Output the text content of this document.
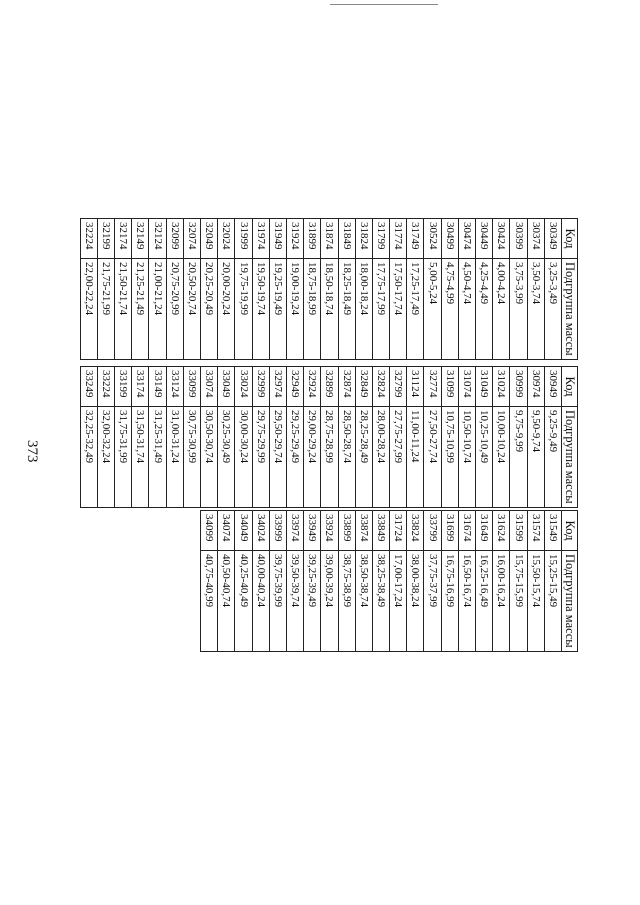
373
Код	Подгруппа массы
30349	3,25-3,49
30374	3,50-3,74
30399	3,75-3,99
30424	4,00-4,24
30449	4,25-4,49
30474	4,50-4,74
30499	4,75-4,99
30524	5,00-5,24
31749	17,25-17,49
31774	17,50-17,74
31799	17,75-17,99
31824	18,00-18,24
31849	18,25-18,49
31874	18,50-18,74
31899	18,75-18,99
31924	19,00-19,24
31949	19,25-19,49
31974	19,50-19,74
31999	19,75-19,99
32024	20,00-20,24
32049	20,25-20,49
32074	20,50-20,74
32099	20,75-20,99
32124	21,00-21,24
32149	21,25-21,49
32174	21,50-21,74
32199	21,75-21,99
32224	22,00-22,24
Код	Подгруппа массы
30949	9,25-9,49
30974	9,50-9,74
30999	9,75-9,99
31024	10,00-10,24
31049	10,25-10,49
31074	10,50-10,74
31099	10,75-10,99
32774	27,50-27,74
31124	11,00-11,24
32799	27,75-27,99
32824	28,00-28,24
32849	28,25-28,49
32874	28,50-28,74
32899	28,75-28,99
32924	29,00-29,24
32949	29,25-29,49
32974	29,50-29,74
32999	29,75-29,99
33024	30,00-30,24
33049	30,25-30,49
33074	30,50-30,74
33099	30,75-30,99
33124	31,00-31,24
33149	31,25-31,49
33174	31,50-31,74
33199	31,75-31,99
33224	32,00-32,24
33249	32,25-32,49
Код	Подгруппа массы
31549	15,25-15,49
31574	15,50-15,74
31599	15,75-15,99
31624	16,00-16,24
31649	16,25-16,49
31674	16,50-16,74
31699	16,75-16,99
33799	37,75-37,99
33824	38,00-38,24
31724	17,00-17,24
33849	38,25-38,49
33874	38,50-38,74
33899	38,75-38,99
33924	39,00-39,24
33949	39,25-39,49
33974	39,50-39,74
33999	39,75-39,99
34024	40,00-40,24
34049	40,25-40,49
34074	40,50-40,74
34099	40,75-40,99
